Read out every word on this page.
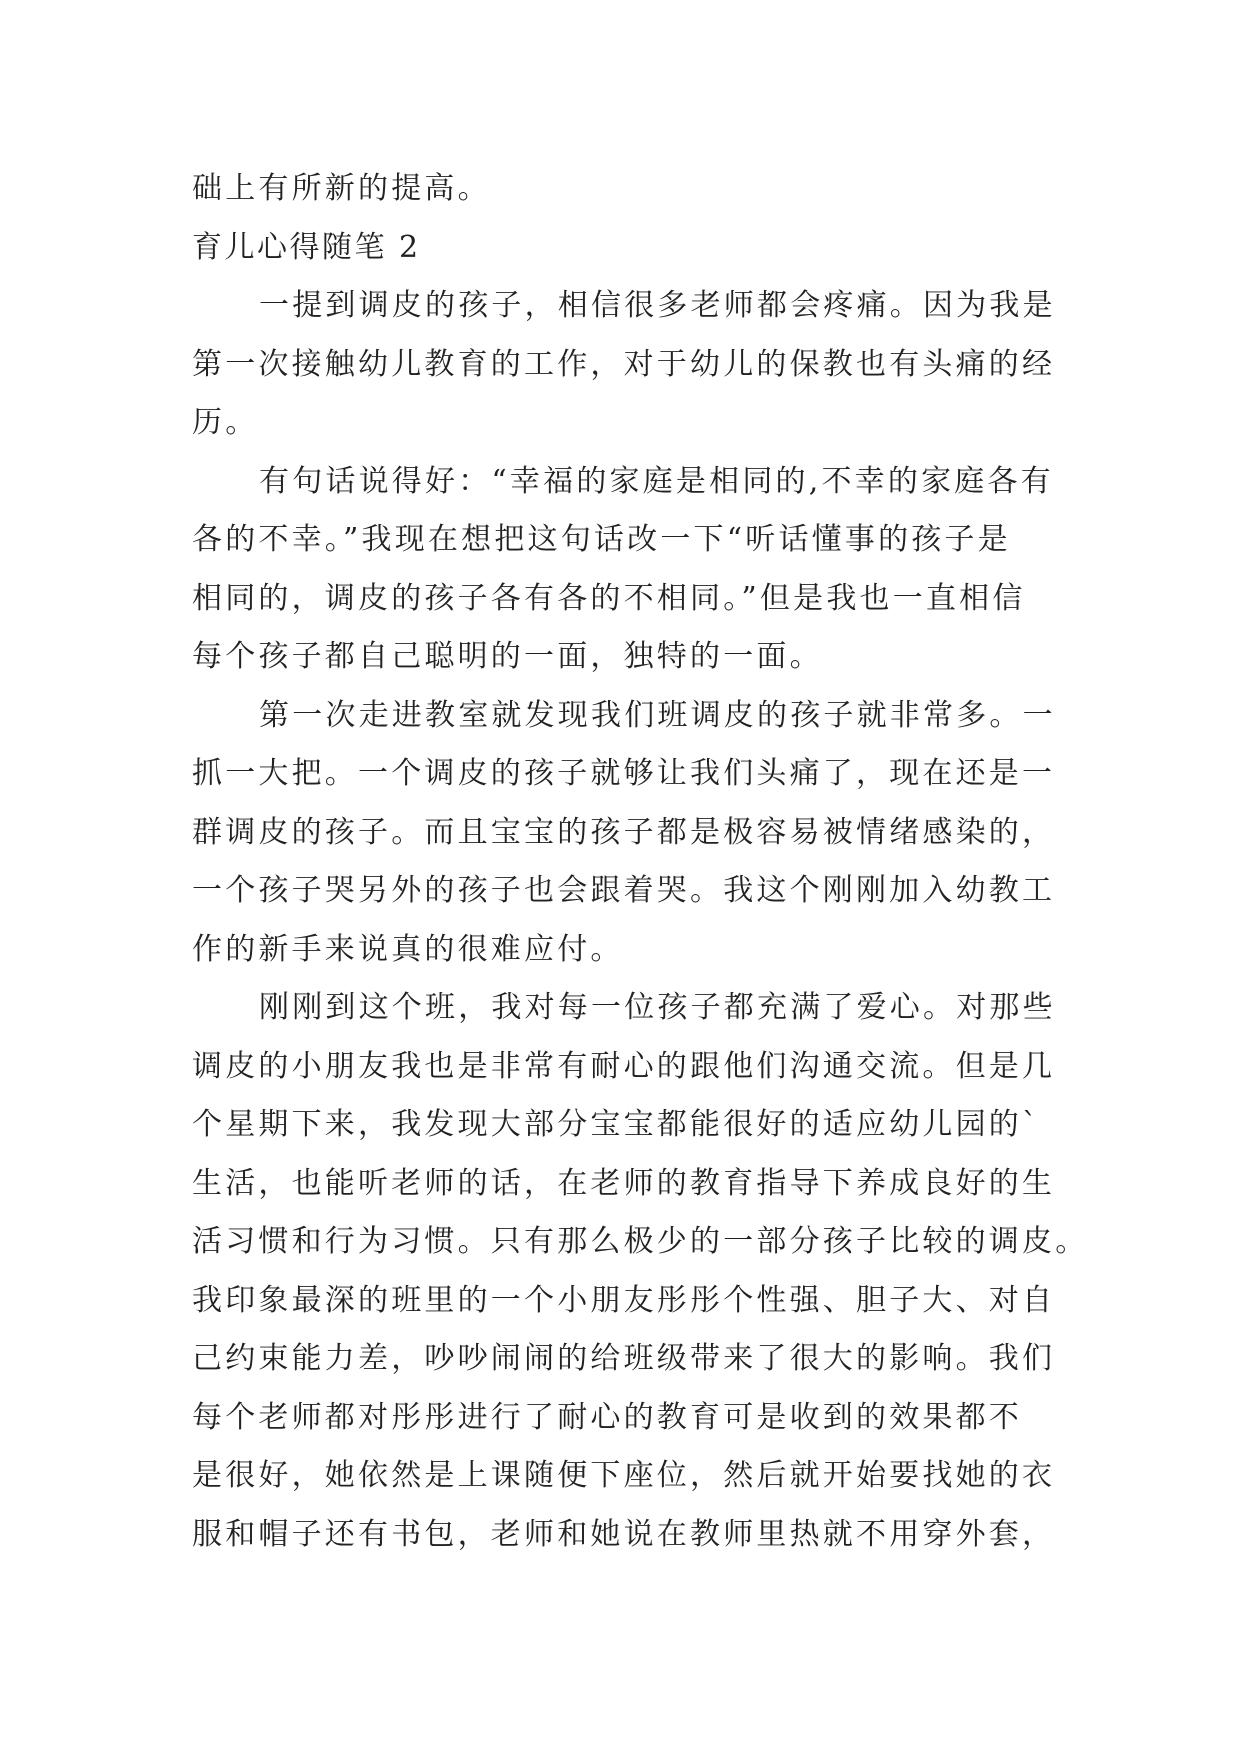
础上有所新的提高。
育儿心得随笔 2
一提到调皮的孩子，相信很多老师都会疼痛。因为我是
第一次接触幼儿教育的工作，对于幼儿的保教也有头痛的经
历。
有句话说得好：“幸福的家庭是相同的,不幸的家庭各有
各的不幸。”我现在想把这句话改一下“听话懂事的孩子是
相同的，调皮的孩子各有各的不相同。”但是我也一直相信
每个孩子都自己聪明的一面，独特的一面。
第一次走进教室就发现我们班调皮的孩子就非常多。一
抓一大把。一个调皮的孩子就够让我们头痛了，现在还是一
群调皮的孩子。而且宝宝的孩子都是极容易被情绪感染的，
一个孩子哭另外的孩子也会跟着哭。我这个刚刚加入幼教工
作的新手来说真的很难应付。
刚刚到这个班，我对每一位孩子都充满了爱心。对那些
调皮的小朋友我也是非常有耐心的跟他们沟通交流。但是几
个星期下来，我发现大部分宝宝都能很好的适应幼儿园的`
生活，也能听老师的话，在老师的教育指导下养成良好的生
活习惯和行为习惯。只有那么极少的一部分孩子比较的调皮。
我印象最深的班里的一个小朋友彤彤个性强、胆子大、对自
己约束能力差，吵吵闹闹的给班级带来了很大的影响。我们
每个老师都对彤彤进行了耐心的教育可是收到的效果都不
是很好，她依然是上课随便下座位，然后就开始要找她的衣
服和帽子还有书包，老师和她说在教师里热就不用穿外套，
